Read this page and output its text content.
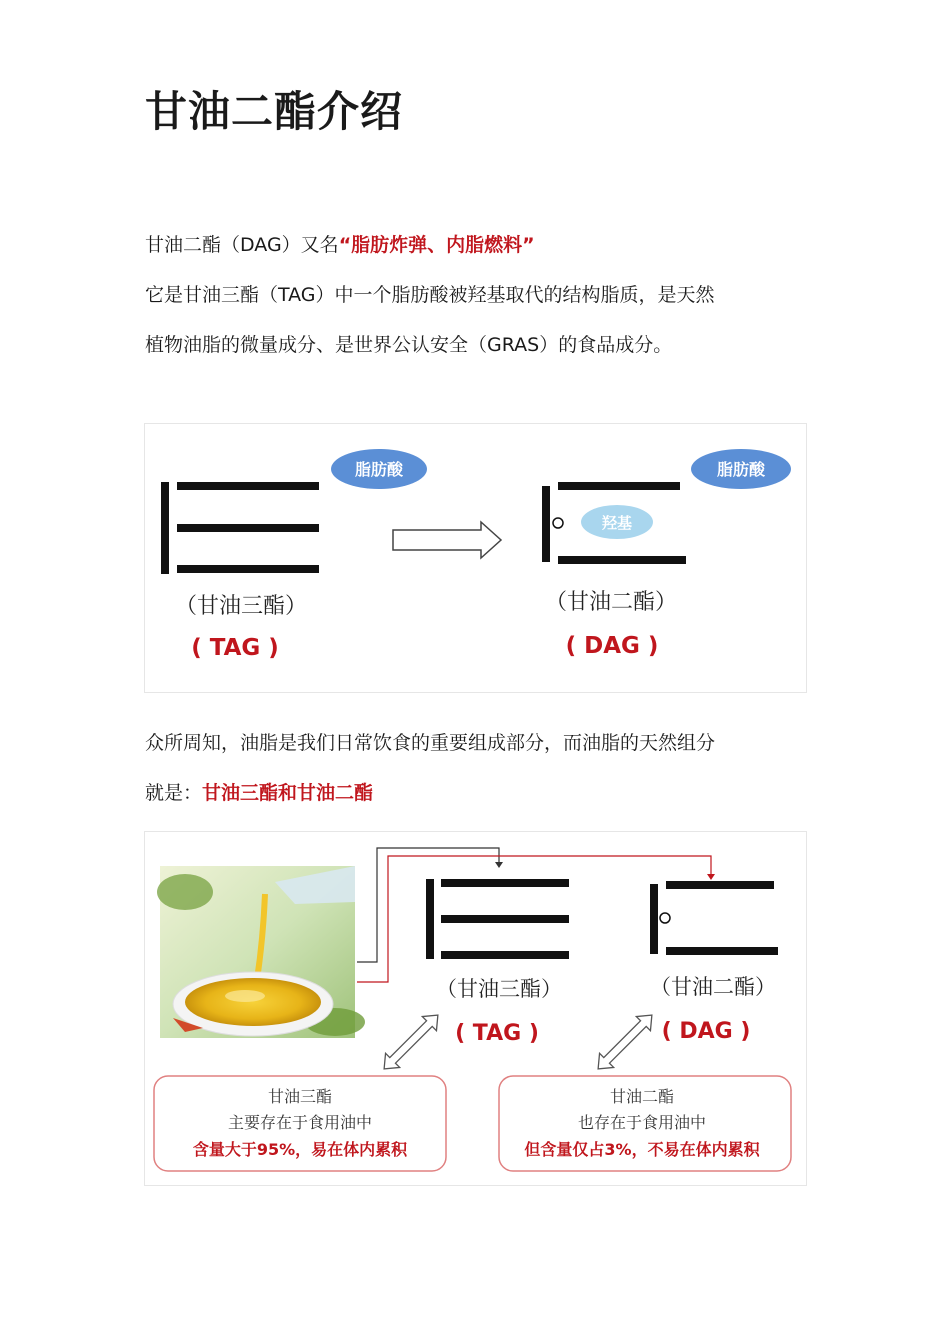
甘油二酯介绍
甘油二酯（DAG）又名“脂肪炸弹、内脂燃料”
它是甘油三酯（TAG）中一个脂肪酸被羟基取代的结构脂质，是天然
植物油脂的微量成分、是世界公认安全（GRAS）的食品成分。
脂肪酸
（甘油三酯）
( TAG )
羟基
脂肪酸
（甘油二酯）
( DAG )
众所周知，油脂是我们日常饮食的重要组成部分，而油脂的天然组分
就是：甘油三酯和甘油二酯
（甘油三酯）
( TAG )
（甘油二酯）
( DAG )
甘油三酯
主要存在于食用油中
含量大于95%，易在体内累积
甘油二酯
也存在于食用油中
但含量仅占3%，不易在体内累积
